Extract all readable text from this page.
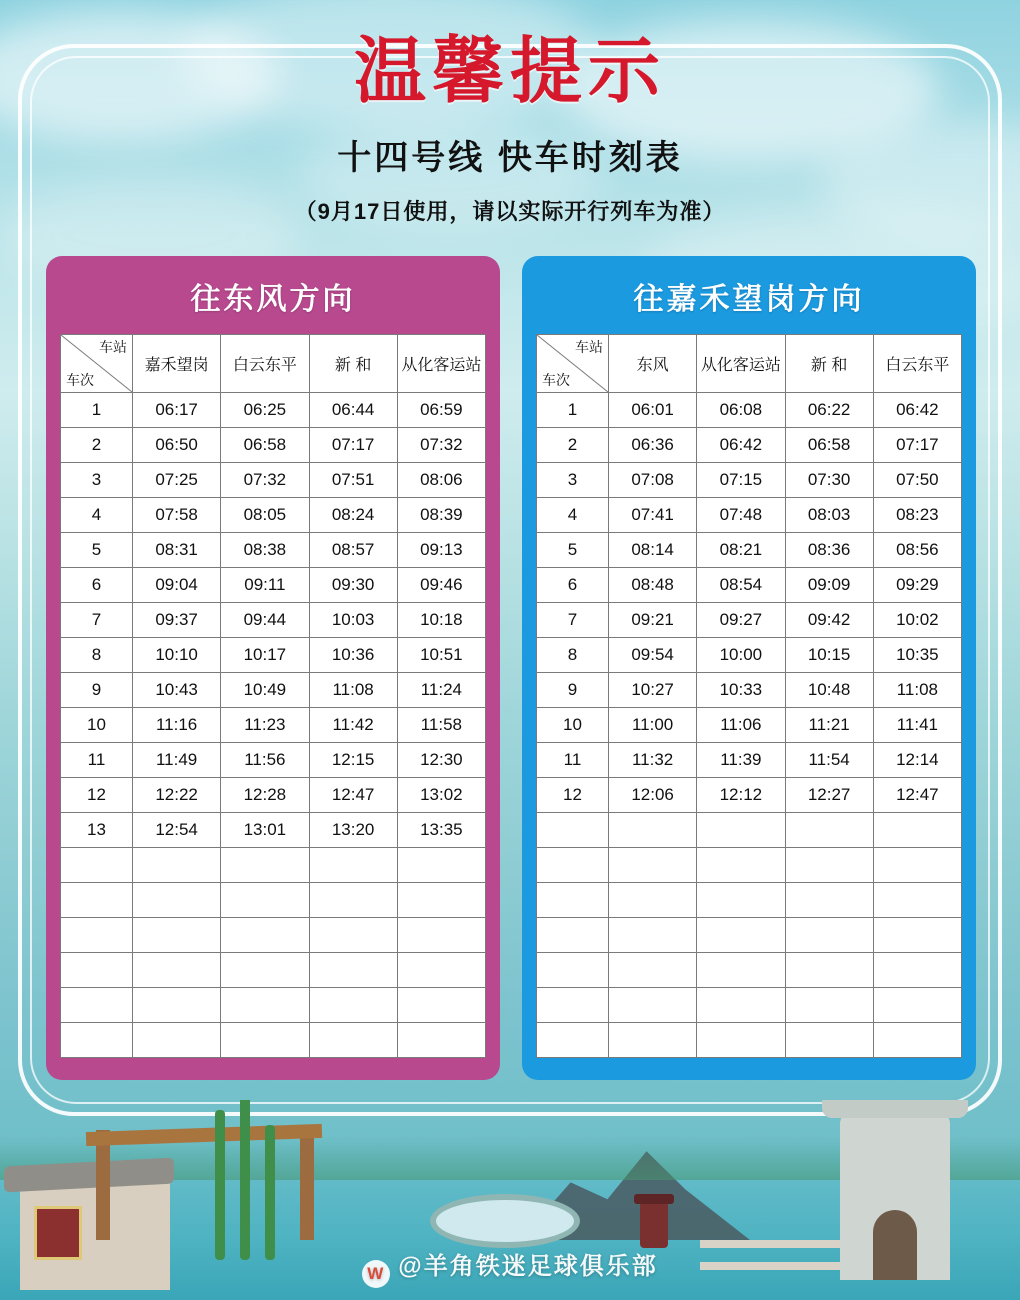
温馨提示
十四号线 快车时刻表
（9月17日使用，请以实际开行列车为准）
往东风方向
车站
车次	嘉禾望岗	白云东平	新 和	从化客运站
1	06:17	06:25	06:44	06:59
2	06:50	06:58	07:17	07:32
3	07:25	07:32	07:51	08:06
4	07:58	08:05	08:24	08:39
5	08:31	08:38	08:57	09:13
6	09:04	09:11	09:30	09:46
7	09:37	09:44	10:03	10:18
8	10:10	10:17	10:36	10:51
9	10:43	10:49	11:08	11:24
10	11:16	11:23	11:42	11:58
11	11:49	11:56	12:15	12:30
12	12:22	12:28	12:47	13:02
13	12:54	13:01	13:20	13:35

往嘉禾望岗方向
车站
车次	东风	从化客运站	新 和	白云东平
1	06:01	06:08	06:22	06:42
2	06:36	06:42	06:58	07:17
3	07:08	07:15	07:30	07:50
4	07:41	07:48	08:03	08:23
5	08:14	08:21	08:36	08:56
6	08:48	08:54	09:09	09:29
7	09:21	09:27	09:42	10:02
8	09:54	10:00	10:15	10:35
9	10:27	10:33	10:48	11:08
10	11:00	11:06	11:21	11:41
11	11:32	11:39	11:54	12:14
12	12:06	12:12	12:27	12:47

W @羊角铁迷足球俱乐部
